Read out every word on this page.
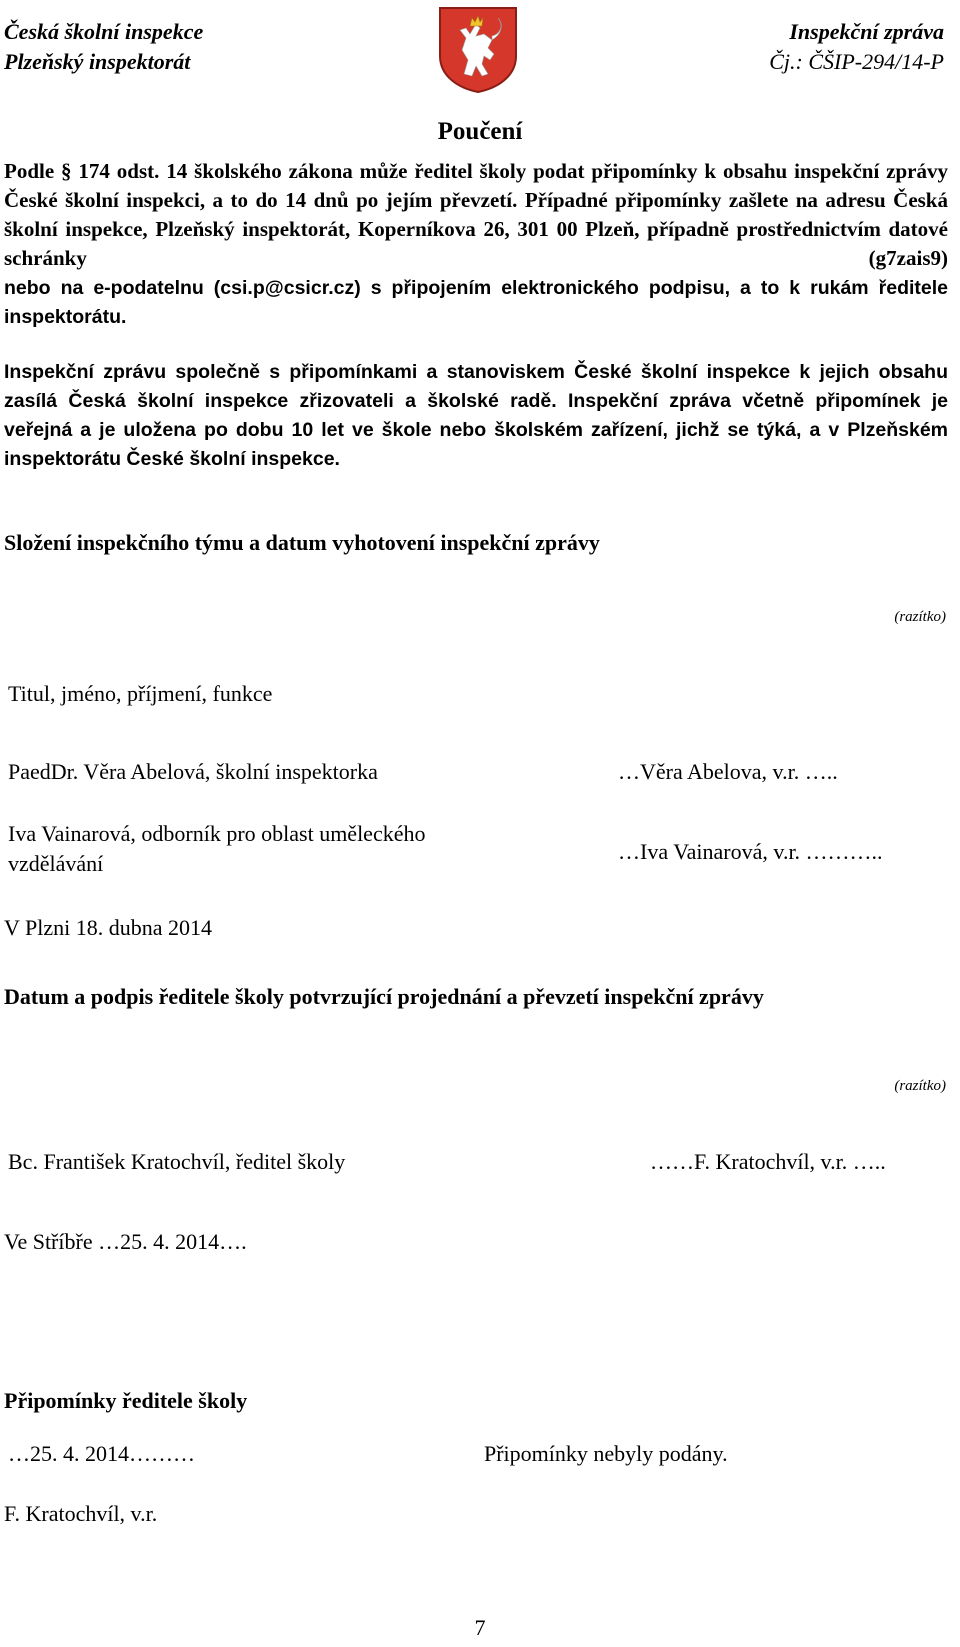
Česká školní inspekce
Plzeňský inspektorát
Inspekční zpráva
Čj.: ČŠIP-294/14-P
Poučení

Podle § 174 odst. 14 školského zákona může ředitel školy podat připomínky k obsahu inspekční zprávy České školní inspekci, a to do 14 dnů po jejím převzetí. Případné připomínky zašlete na adresu Česká školní inspekce, Plzeňský inspektorát, Koperníkova 26, 301 00 Plzeň, případně prostřednictvím datové schránky (g7zais9)

nebo na e-podatelnu (csi.p@csicr.cz) s připojením elektronického podpisu, a to k rukám ředitele inspektorátu.

Inspekční zprávu společně s připomínkami a stanoviskem České školní inspekce k jejich obsahu zasílá Česká školní inspekce zřizovateli a školské radě. Inspekční zpráva včetně připomínek je veřejná a je uložena po dobu 10 let ve škole nebo školském zařízení, jichž se týká, a v Plzeňském inspektorátu České školní inspekce.

Složení inspekčního týmu a datum vyhotovení inspekční zprávy
(razítko)
Titul, jméno, příjmení, funkce
PaedDr. Věra Abelová, školní inspektorka	…Věra Abelova, v.r. …..
Iva Vainarová, odborník pro oblast uměleckého
vzdělávání	…Iva Vainarová, v.r. ………..
V Plzni 18. dubna 2014
Datum a podpis ředitele školy potvrzující projednání a převzetí inspekční zprávy
(razítko)
Bc. František Kratochvíl, ředitel školy	……F. Kratochvíl, v.r. …..
Ve Stříbře …25. 4. 2014….
Připomínky ředitele školy
…25. 4. 2014………	Připomínky nebyly podány.
F. Kratochvíl, v.r.
7
